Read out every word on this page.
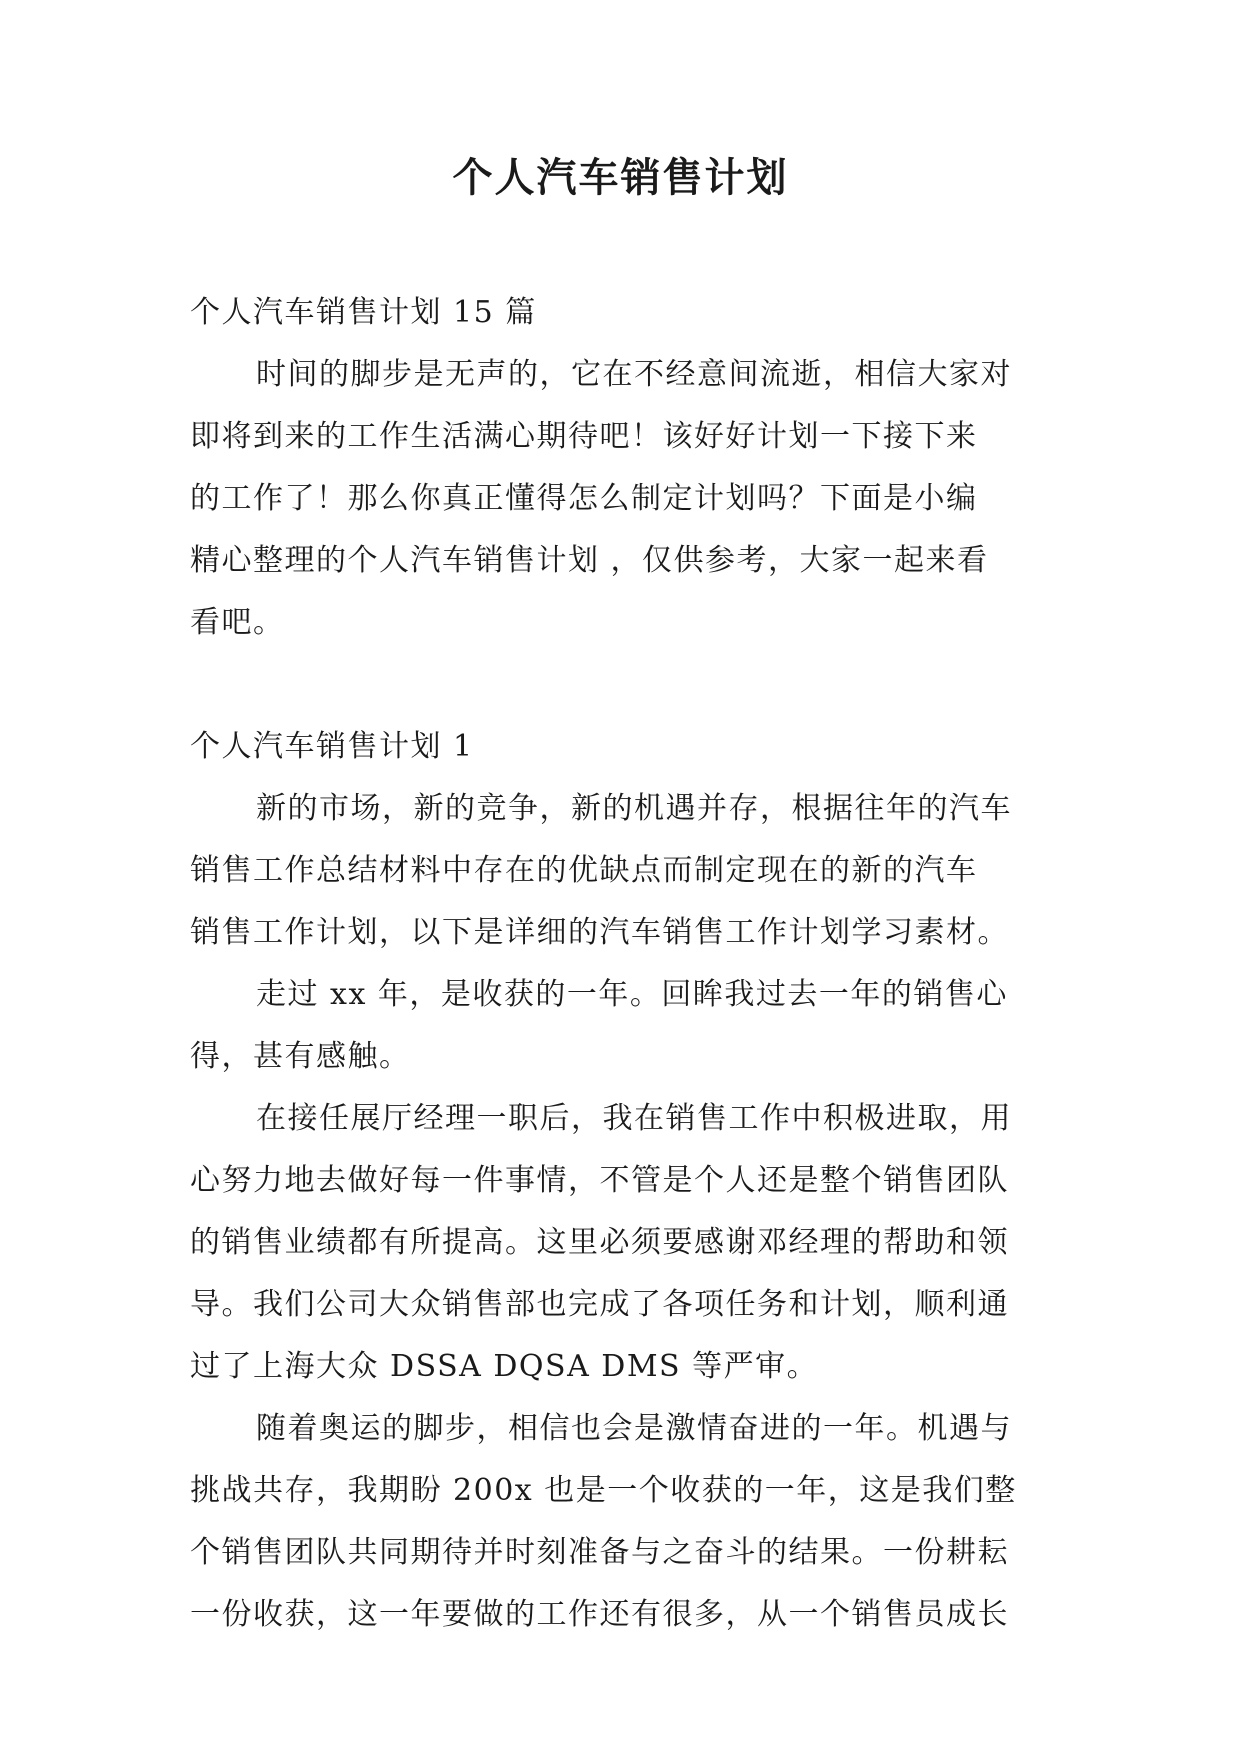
个人汽车销售计划

个人汽车销售计划 15 篇

时间的脚步是无声的，它在不经意间流逝，相信大家对

即将到来的工作生活满心期待吧！该好好计划一下接下来

的工作了！那么你真正懂得怎么制定计划吗？下面是小编

精心整理的个人汽车销售计划 ，仅供参考，大家一起来看

看吧。

个人汽车销售计划 1

新的市场，新的竞争，新的机遇并存，根据往年的汽车

销售工作总结材料中存在的优缺点而制定现在的新的汽车

销售工作计划，以下是详细的汽车销售工作计划学习素材。

走过 xx 年，是收获的一年。回眸我过去一年的销售心

得，甚有感触。

在接任展厅经理一职后，我在销售工作中积极进取，用

心努力地去做好每一件事情，不管是个人还是整个销售团队

的销售业绩都有所提高。这里必须要感谢邓经理的帮助和领

导。我们公司大众销售部也完成了各项任务和计划，顺利通

过了上海大众 DSSA DQSA DMS 等严审。

随着奥运的脚步，相信也会是激情奋进的一年。机遇与

挑战共存，我期盼 200x 也是一个收获的一年，这是我们整

个销售团队共同期待并时刻准备与之奋斗的结果。一份耕耘

一份收获，这一年要做的工作还有很多，从一个销售员成长
